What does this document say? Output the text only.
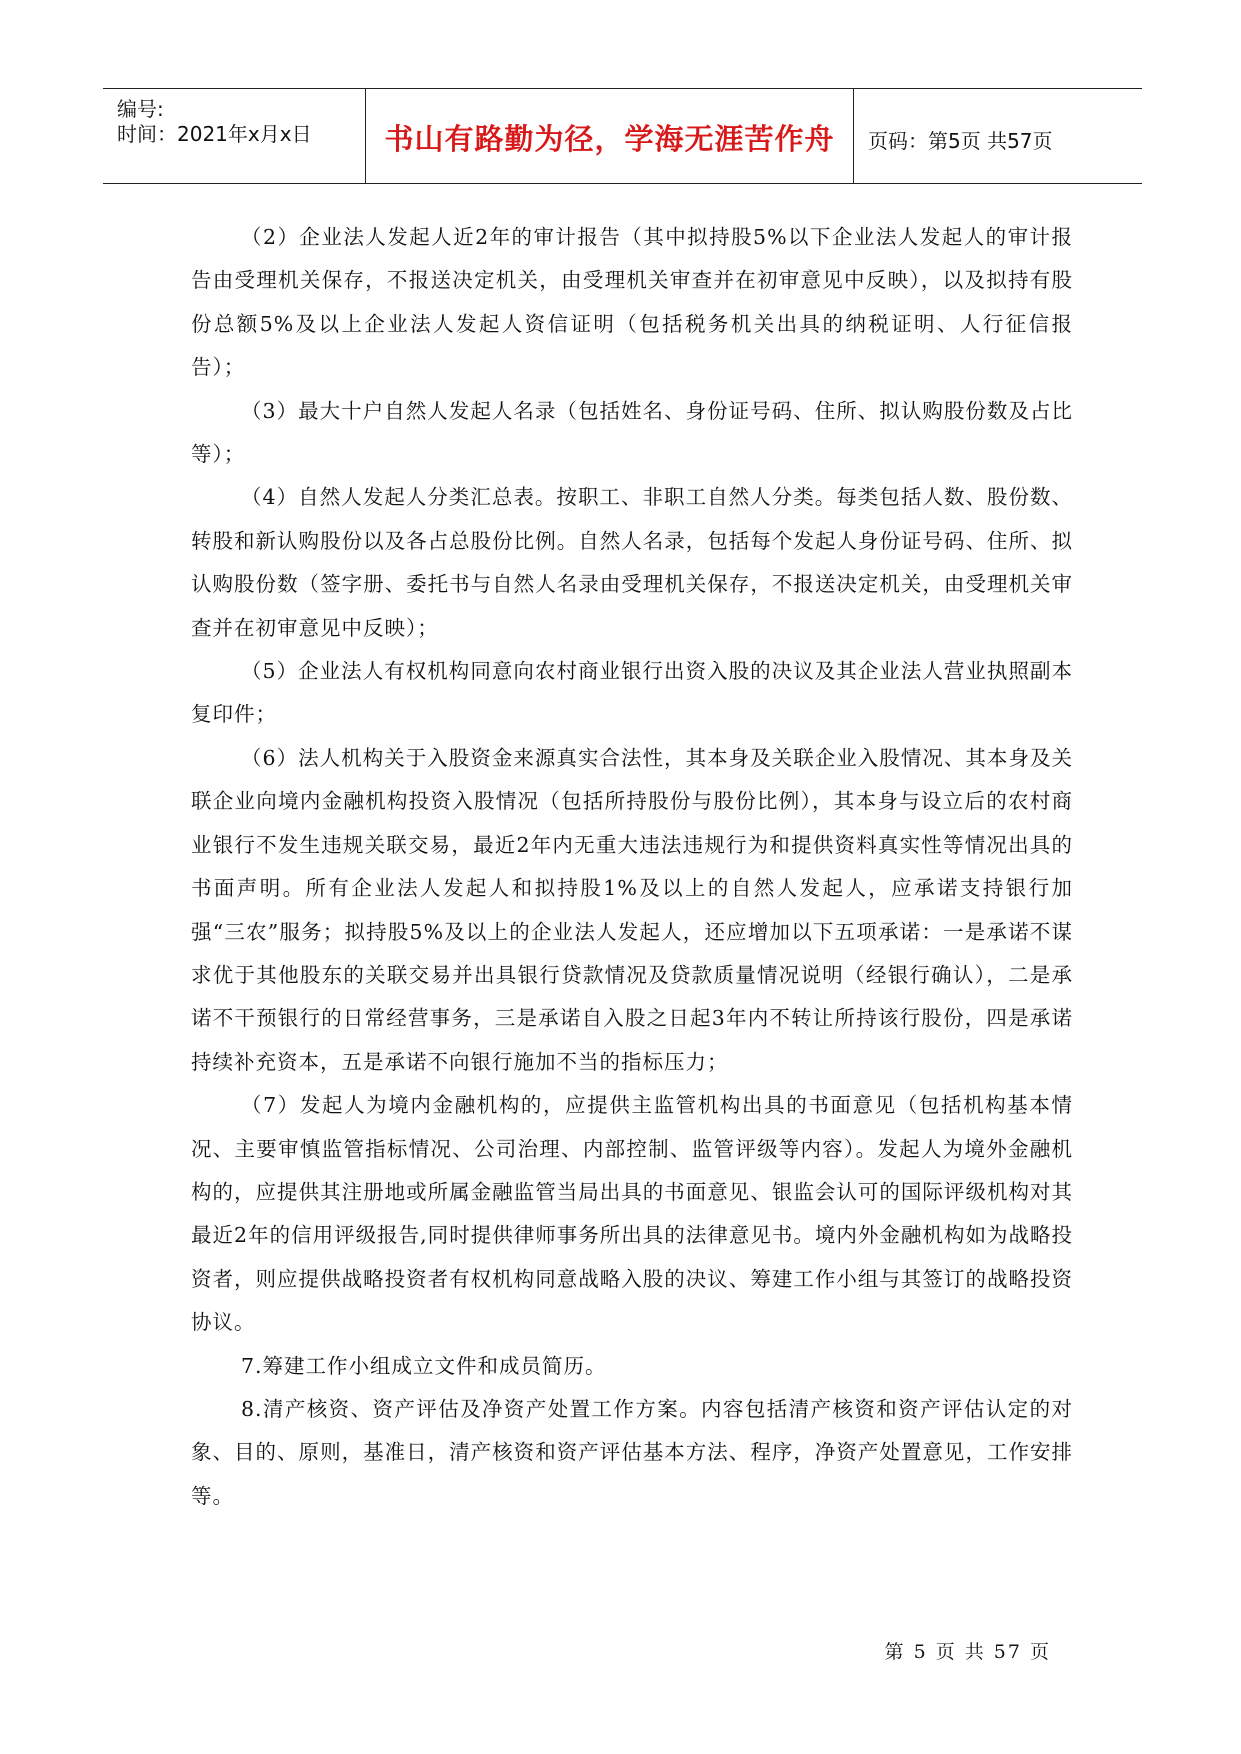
编号:
时间：2021年x月x日	书山有路勤为径，学海无涯苦作舟	页码：第5页 共57页

（2）企业法人发起人近2年的审计报告（其中拟持股5%以下企业法人发起人的审计报告由受理机关保存，不报送决定机关，由受理机关审查并在初审意见中反映），以及拟持有股份总额5%及以上企业法人发起人资信证明（包括税务机关出具的纳税证明、人行征信报告）；

（3）最大十户自然人发起人名录（包括姓名、身份证号码、住所、拟认购股份数及占比等）；

（4）自然人发起人分类汇总表。按职工、非职工自然人分类。每类包括人数、股份数、转股和新认购股份以及各占总股份比例。自然人名录，包括每个发起人身份证号码、住所、拟认购股份数（签字册、委托书与自然人名录由受理机关保存，不报送决定机关，由受理机关审查并在初审意见中反映）；

（5）企业法人有权机构同意向农村商业银行出资入股的决议及其企业法人营业执照副本复印件；

（6）法人机构关于入股资金来源真实合法性，其本身及关联企业入股情况、其本身及关联企业向境内金融机构投资入股情况（包括所持股份与股份比例），其本身与设立后的农村商业银行不发生违规关联交易，最近2年内无重大违法违规行为和提供资料真实性等情况出具的书面声明。所有企业法人发起人和拟持股1%及以上的自然人发起人，应承诺支持银行加强“三农”服务；拟持股5%及以上的企业法人发起人，还应增加以下五项承诺：一是承诺不谋求优于其他股东的关联交易并出具银行贷款情况及贷款质量情况说明（经银行确认），二是承诺不干预银行的日常经营事务，三是承诺自入股之日起3年内不转让所持该行股份，四是承诺持续补充资本，五是承诺不向银行施加不当的指标压力；

（7）发起人为境内金融机构的，应提供主监管机构出具的书面意见（包括机构基本情况、主要审慎监管指标情况、公司治理、内部控制、监管评级等内容）。发起人为境外金融机构的，应提供其注册地或所属金融监管当局出具的书面意见、银监会认可的国际评级机构对其最近2年的信用评级报告,同时提供律师事务所出具的法律意见书。境内外金融机构如为战略投资者，则应提供战略投资者有权机构同意战略入股的决议、筹建工作小组与其签订的战略投资协议。

7.筹建工作小组成立文件和成员简历。

8.清产核资、资产评估及净资产处置工作方案。内容包括清产核资和资产评估认定的对象、目的、原则，基准日，清产核资和资产评估基本方法、程序，净资产处置意见，工作安排等。

第 5 页 共 57 页
